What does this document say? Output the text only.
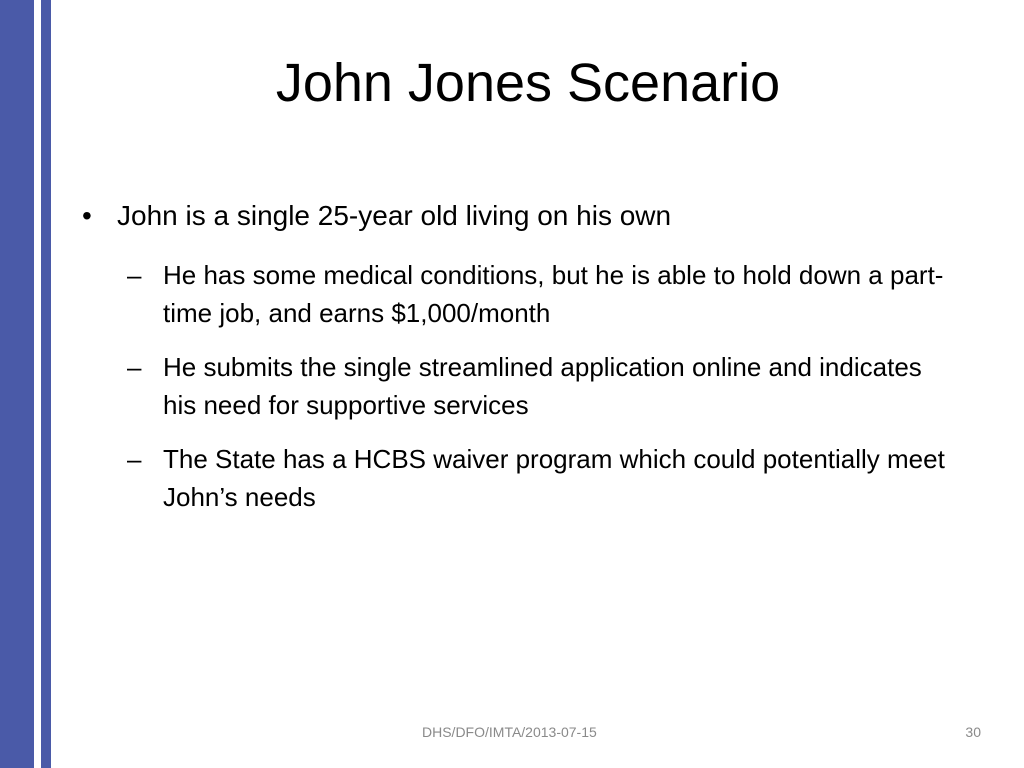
John Jones Scenario
• John is a single 25-year old living on his own
– He has some medical conditions, but he is able to hold down a part-time job, and earns $1,000/month
– He submits the single streamlined application online and indicates his need for supportive services
– The State has a HCBS waiver program which could potentially meet John’s needs
DHS/DFO/IMTA/2013-07-15	30
